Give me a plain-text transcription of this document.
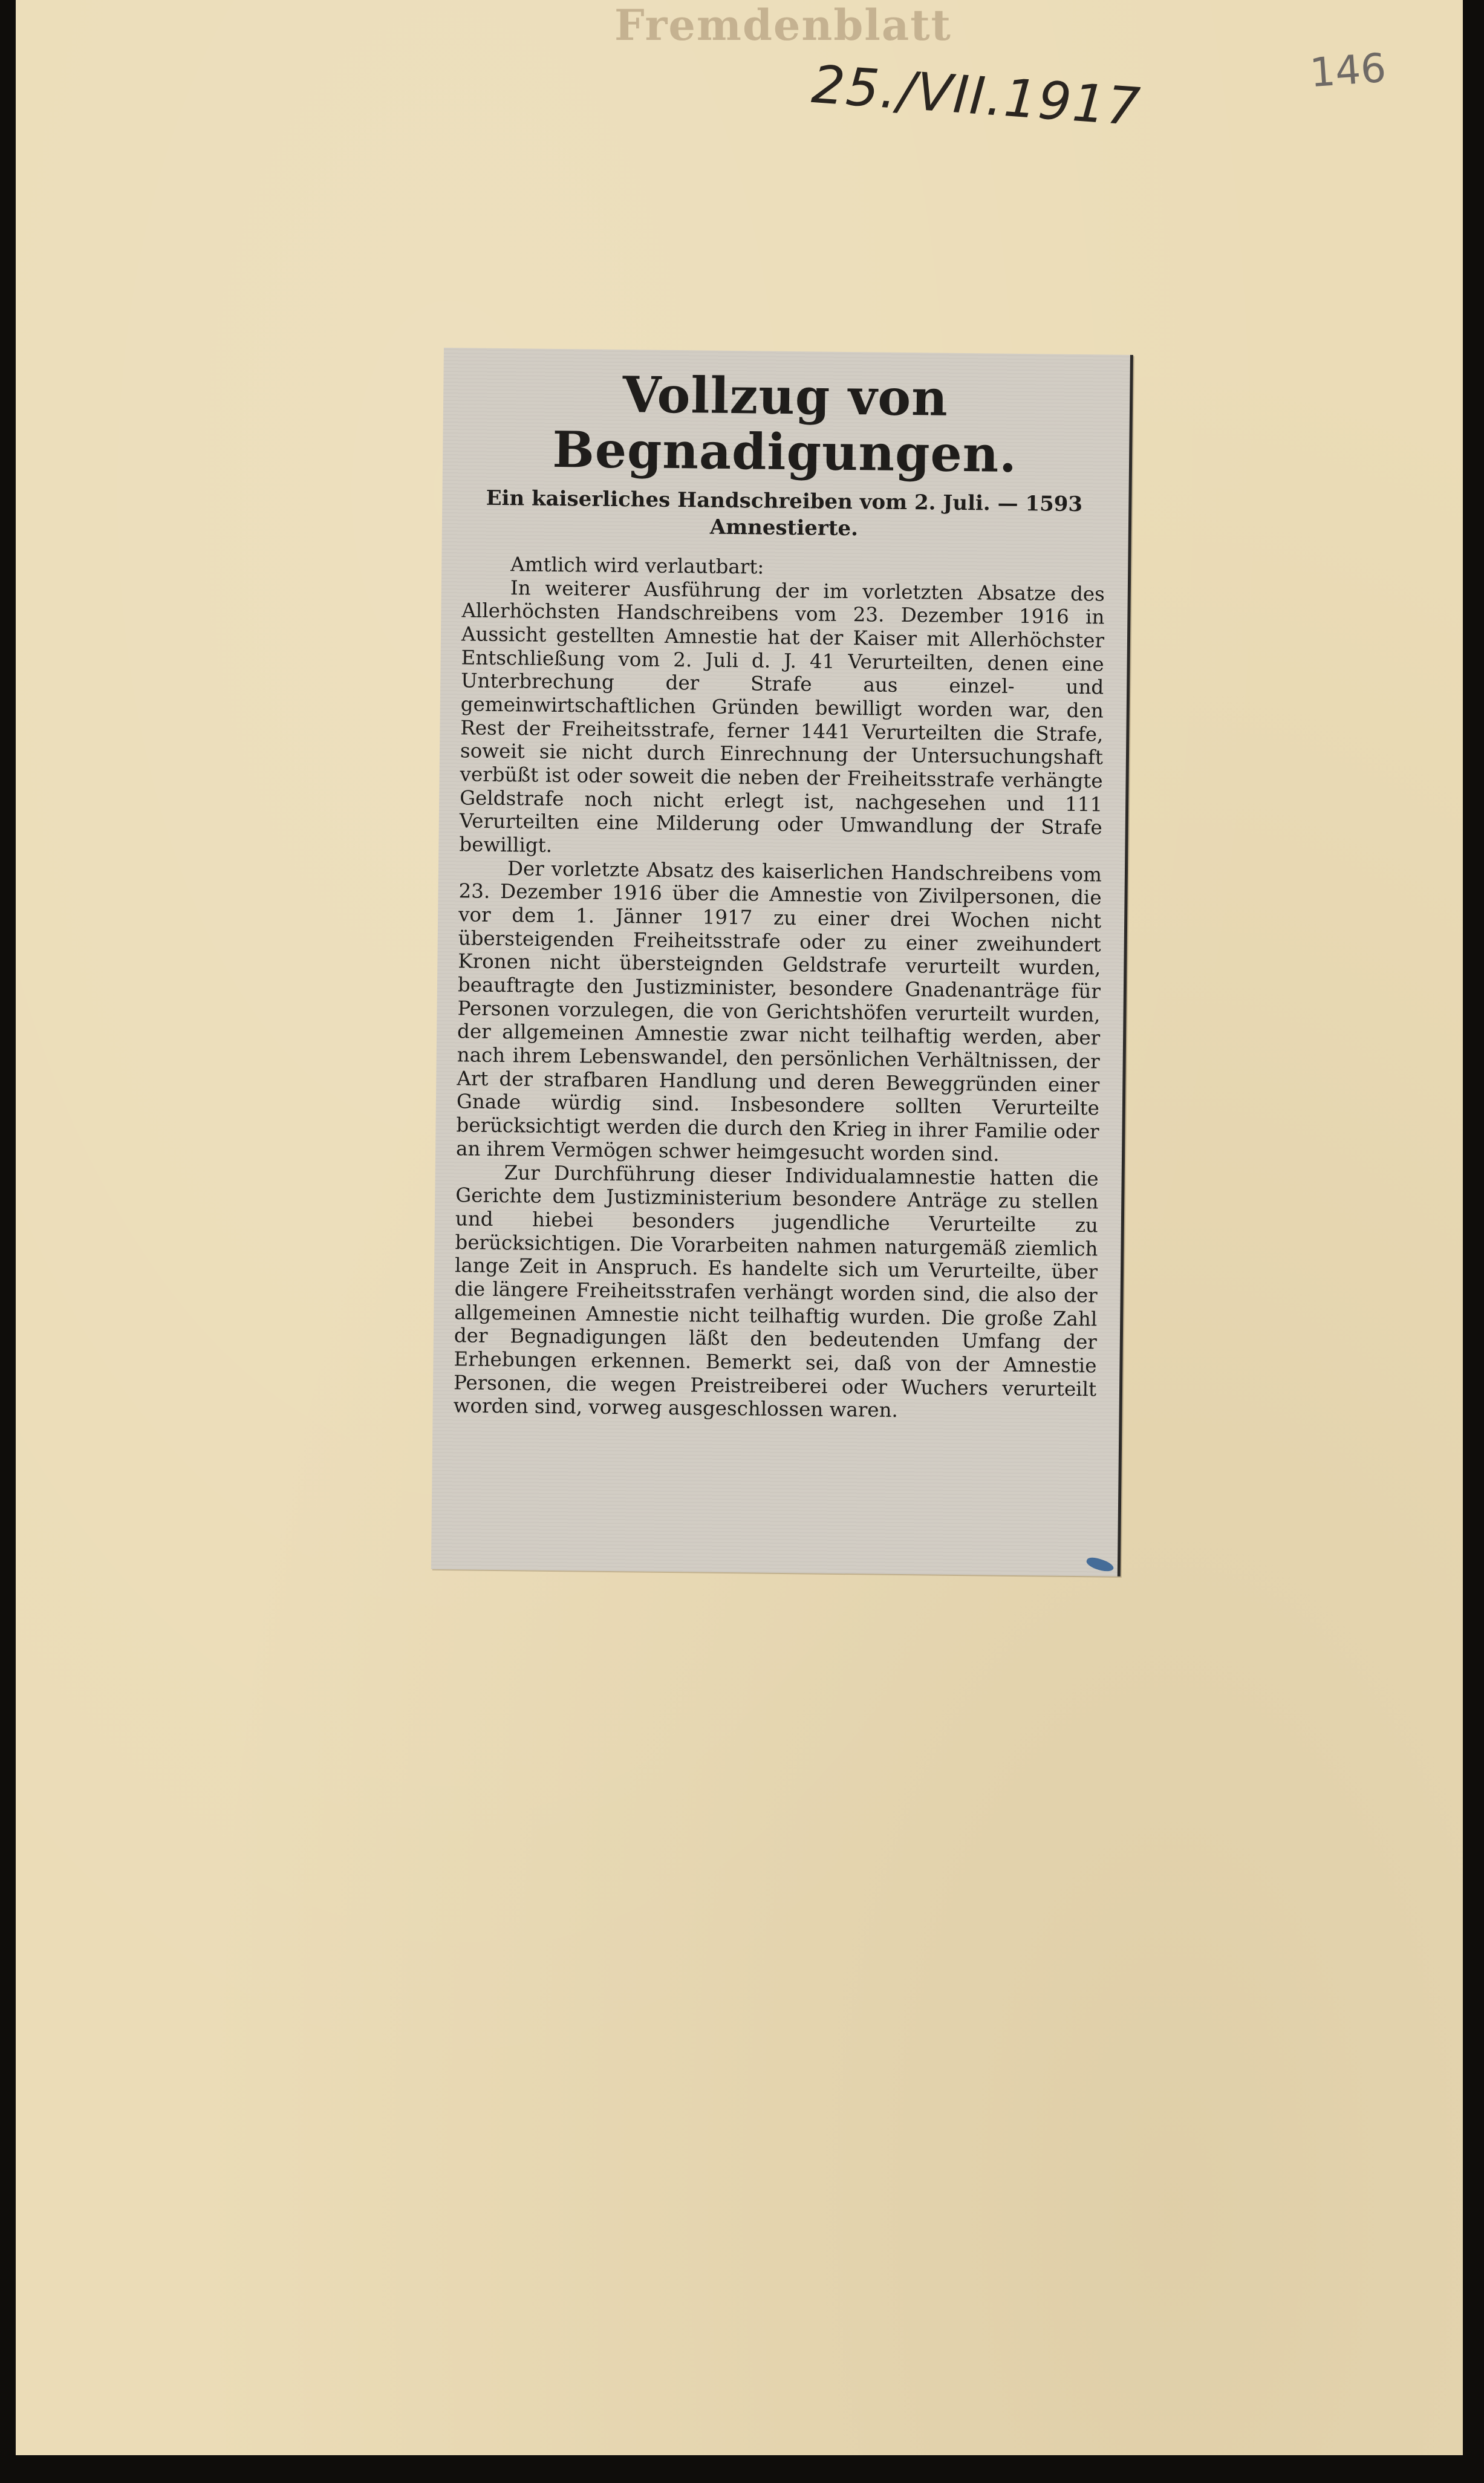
Fremdenblatt
25./VII.1917	146
Vollzug von Begnadigungen.
Ein kaiserliches Handschreiben vom 2. Juli. — 1593 Amnestierte.

Amtlich wird verlautbart:

In weiterer Ausführung der im vorletzten Absatze des Allerhöchsten Handschreibens vom 23. Dezember 1916 in Aussicht gestellten Amnestie hat der Kaiser mit Allerhöchster Entschließung vom 2. Juli d. J. 41 Verurteilten, denen eine Unterbrechung der Strafe aus einzel- und gemeinwirtschaftlichen Gründen bewilligt worden war, den Rest der Freiheitsstrafe, ferner 1441 Verurteilten die Strafe, soweit sie nicht durch Einrechnung der Untersuchungshaft verbüßt ist oder soweit die neben der Freiheitsstrafe verhängte Geldstrafe noch nicht erlegt ist, nachgesehen und 111 Verurteilten eine Milderung oder Umwandlung der Strafe bewilligt.

Der vorletzte Absatz des kaiserlichen Handschreibens vom 23. Dezember 1916 über die Amnestie von Zivilpersonen, die vor dem 1. Jänner 1917 zu einer drei Wochen nicht übersteigenden Freiheitsstrafe oder zu einer zweihundert Kronen nicht übersteignden Geldstrafe verurteilt wurden, beauftragte den Justizminister, besondere Gnadenanträge für Personen vorzulegen, die von Gerichtshöfen verurteilt wurden, der allgemeinen Amnestie zwar nicht teilhaftig werden, aber nach ihrem Lebenswandel, den persönlichen Verhältnissen, der Art der strafbaren Handlung und deren Beweggründen einer Gnade würdig sind. Insbesondere sollten Verurteilte berücksichtigt werden die durch den Krieg in ihrer Familie oder an ihrem Vermögen schwer heimgesucht worden sind.

Zur Durchführung dieser Individualamnestie hatten die Gerichte dem Justizministerium besondere Anträge zu stellen und hiebei besonders jugendliche Verurteilte zu berücksichtigen. Die Vorarbeiten nahmen naturgemäß ziemlich lange Zeit in Anspruch. Es handelte sich um Verurteilte, über die längere Freiheitsstrafen verhängt worden sind, die also der allgemeinen Amnestie nicht teilhaftig wurden. Die große Zahl der Begnadigungen läßt den bedeutenden Umfang der Erhebungen erkennen. Bemerkt sei, daß von der Amnestie Personen, die wegen Preistreiberei oder Wuchers verurteilt worden sind, vorweg ausgeschlossen waren.
